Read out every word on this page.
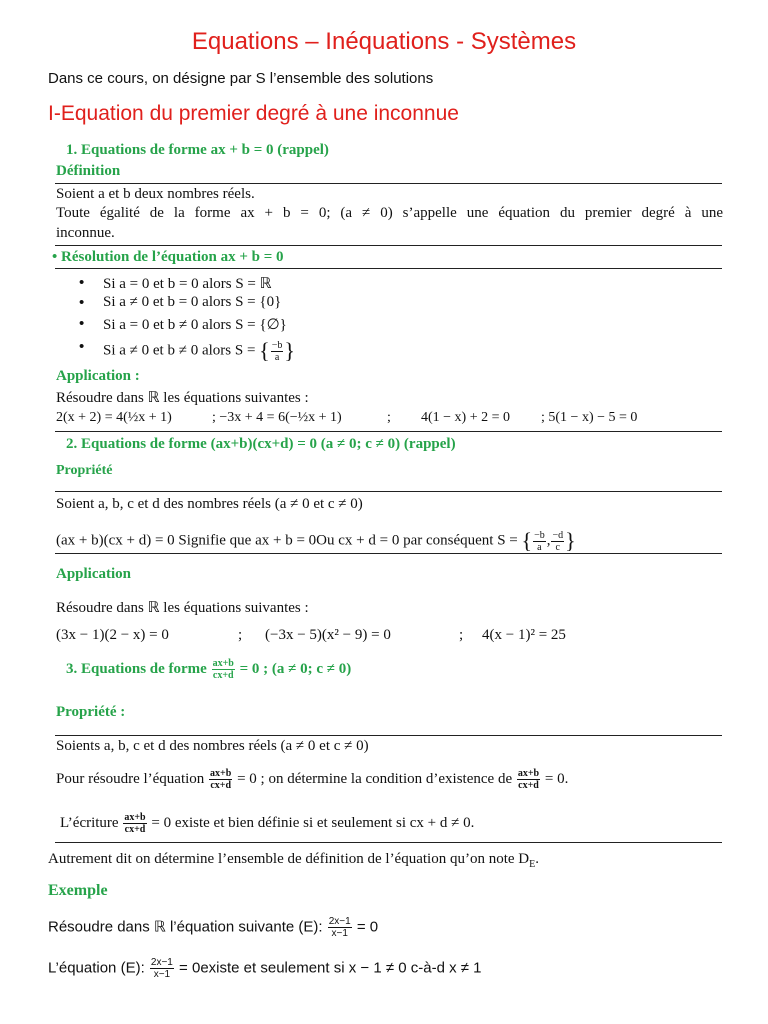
Equations – Inéquations - Systèmes
Dans ce cours, on désigne par S l’ensemble des solutions
I-Equation du premier degré à une inconnue
1. Equations de forme ax + b = 0 (rappel)
Définition
Soient a et b deux nombres réels.
Toute égalité de la forme ax + b = 0; (a ≠ 0) s’appelle une équation du premier degré à une
inconnue.
• Résolution de l’équation ax + b = 0
• Si a = 0 et b = 0 alors S = ℝ
• Si a ≠ 0 et b = 0 alors S = {0}
• Si a = 0 et b ≠ 0 alors S = {∅}
• Si a ≠ 0 et b ≠ 0 alors S = { $\frac{-b}{a}$ }
Application :
Résoudre dans ℝ les équations suivantes :
2(x + 2) = 4(½x + 1)	; −3x + 4 = 6(−½x + 1)	; 4(1 − x) + 2 = 0 ; 5(1 − x) − 5 = 0
2. Equations de forme (ax+b)(cx+d) = 0 (a ≠ 0; c ≠ 0) (rappel)
Propriété
Soient a, b, c et d des nombres réels (a ≠ 0 et c ≠ 0)
(ax + b)(cx + d) = 0 Signifie que ax + b = 0Ou cx + d = 0 par conséquent S = { $\frac{-b}{a}$ , $\frac{-d}{c}$ }
Application
Résoudre dans ℝ les équations suivantes :
(3x − 1)(2 − x) = 0	; (−3x − 5)(x² − 9) = 0	; 4(x − 1)² = 25
3. Equations de forme $\frac{ax+b}{cx+d} = 0$ ; (a ≠ 0; c ≠ 0)
Propriété :
Soients a, b, c et d des nombres réels (a ≠ 0 et c ≠ 0)
Pour résoudre l’équation $\frac{ax+b}{cx+d} = 0$ ; on détermine la condition d’existence de $\frac{ax+b}{cx+d} = 0$.
L’écriture $\frac{ax+b}{cx+d} = 0$ existe et bien définie si et seulement si cx + d ≠ 0.
Autrement dit on détermine l’ensemble de définition de l’équation qu’on note $D_E$.
Exemple
Résoudre dans ℝ l’équation suivante (E): $\frac{2x-1}{x-1} = 0$
L’équation (E): $\frac{2x-1}{x-1}$ = 0existe et seulement si x − 1 ≠ 0 c-à-d x ≠ 1
